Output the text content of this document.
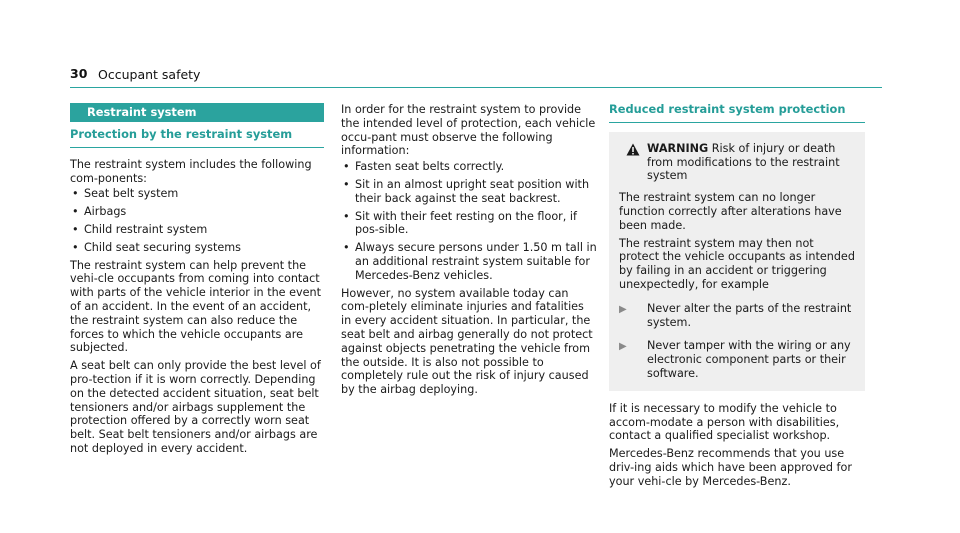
30 Occupant safety
Restraint system
Protection by the restraint system

The restraint system includes the following com-ponents:

• Seat belt system
• Airbags
• Child restraint system
• Child seat securing systems

The restraint system can help prevent the vehi-cle occupants from coming into contact with parts of the vehicle interior in the event of an accident. In the event of an accident, the restraint system can also reduce the forces to which the vehicle occupants are subjected.

A seat belt can only provide the best level of pro-tection if it is worn correctly. Depending on the detected accident situation, seat belt tensioners and/or airbags supplement the protection offered by a correctly worn seat belt. Seat belt tensioners and/or airbags are not deployed in every accident.

In order for the restraint system to provide the intended level of protection, each vehicle occu-pant must observe the following information:

• Fasten seat belts correctly.
• Sit in an almost upright seat position with their back against the seat backrest.
• Sit with their feet resting on the floor, if pos-sible.
• Always secure persons under 1.50 m tall in an additional restraint system suitable for Mercedes-Benz vehicles.

However, no system available today can com-pletely eliminate injuries and fatalities in every accident situation. In particular, the seat belt and airbag generally do not protect against objects penetrating the vehicle from the outside. It is also not possible to completely rule out the risk of injury caused by the airbag deploying.

Reduced restraint system protection
WARNING Risk of injury or death from modifications to the restraint system

The restraint system can no longer function correctly after alterations have been made.

The restraint system may then not protect the vehicle occupants as intended by failing in an accident or triggering unexpectedly, for example

▶	Never alter the parts of the restraint system.
▶	Never tamper with the wiring or any electronic component parts or their software.

If it is necessary to modify the vehicle to accom-modate a person with disabilities, contact a qualified specialist workshop.

Mercedes-Benz recommends that you use driv-ing aids which have been approved for your vehi-cle by Mercedes-Benz.
